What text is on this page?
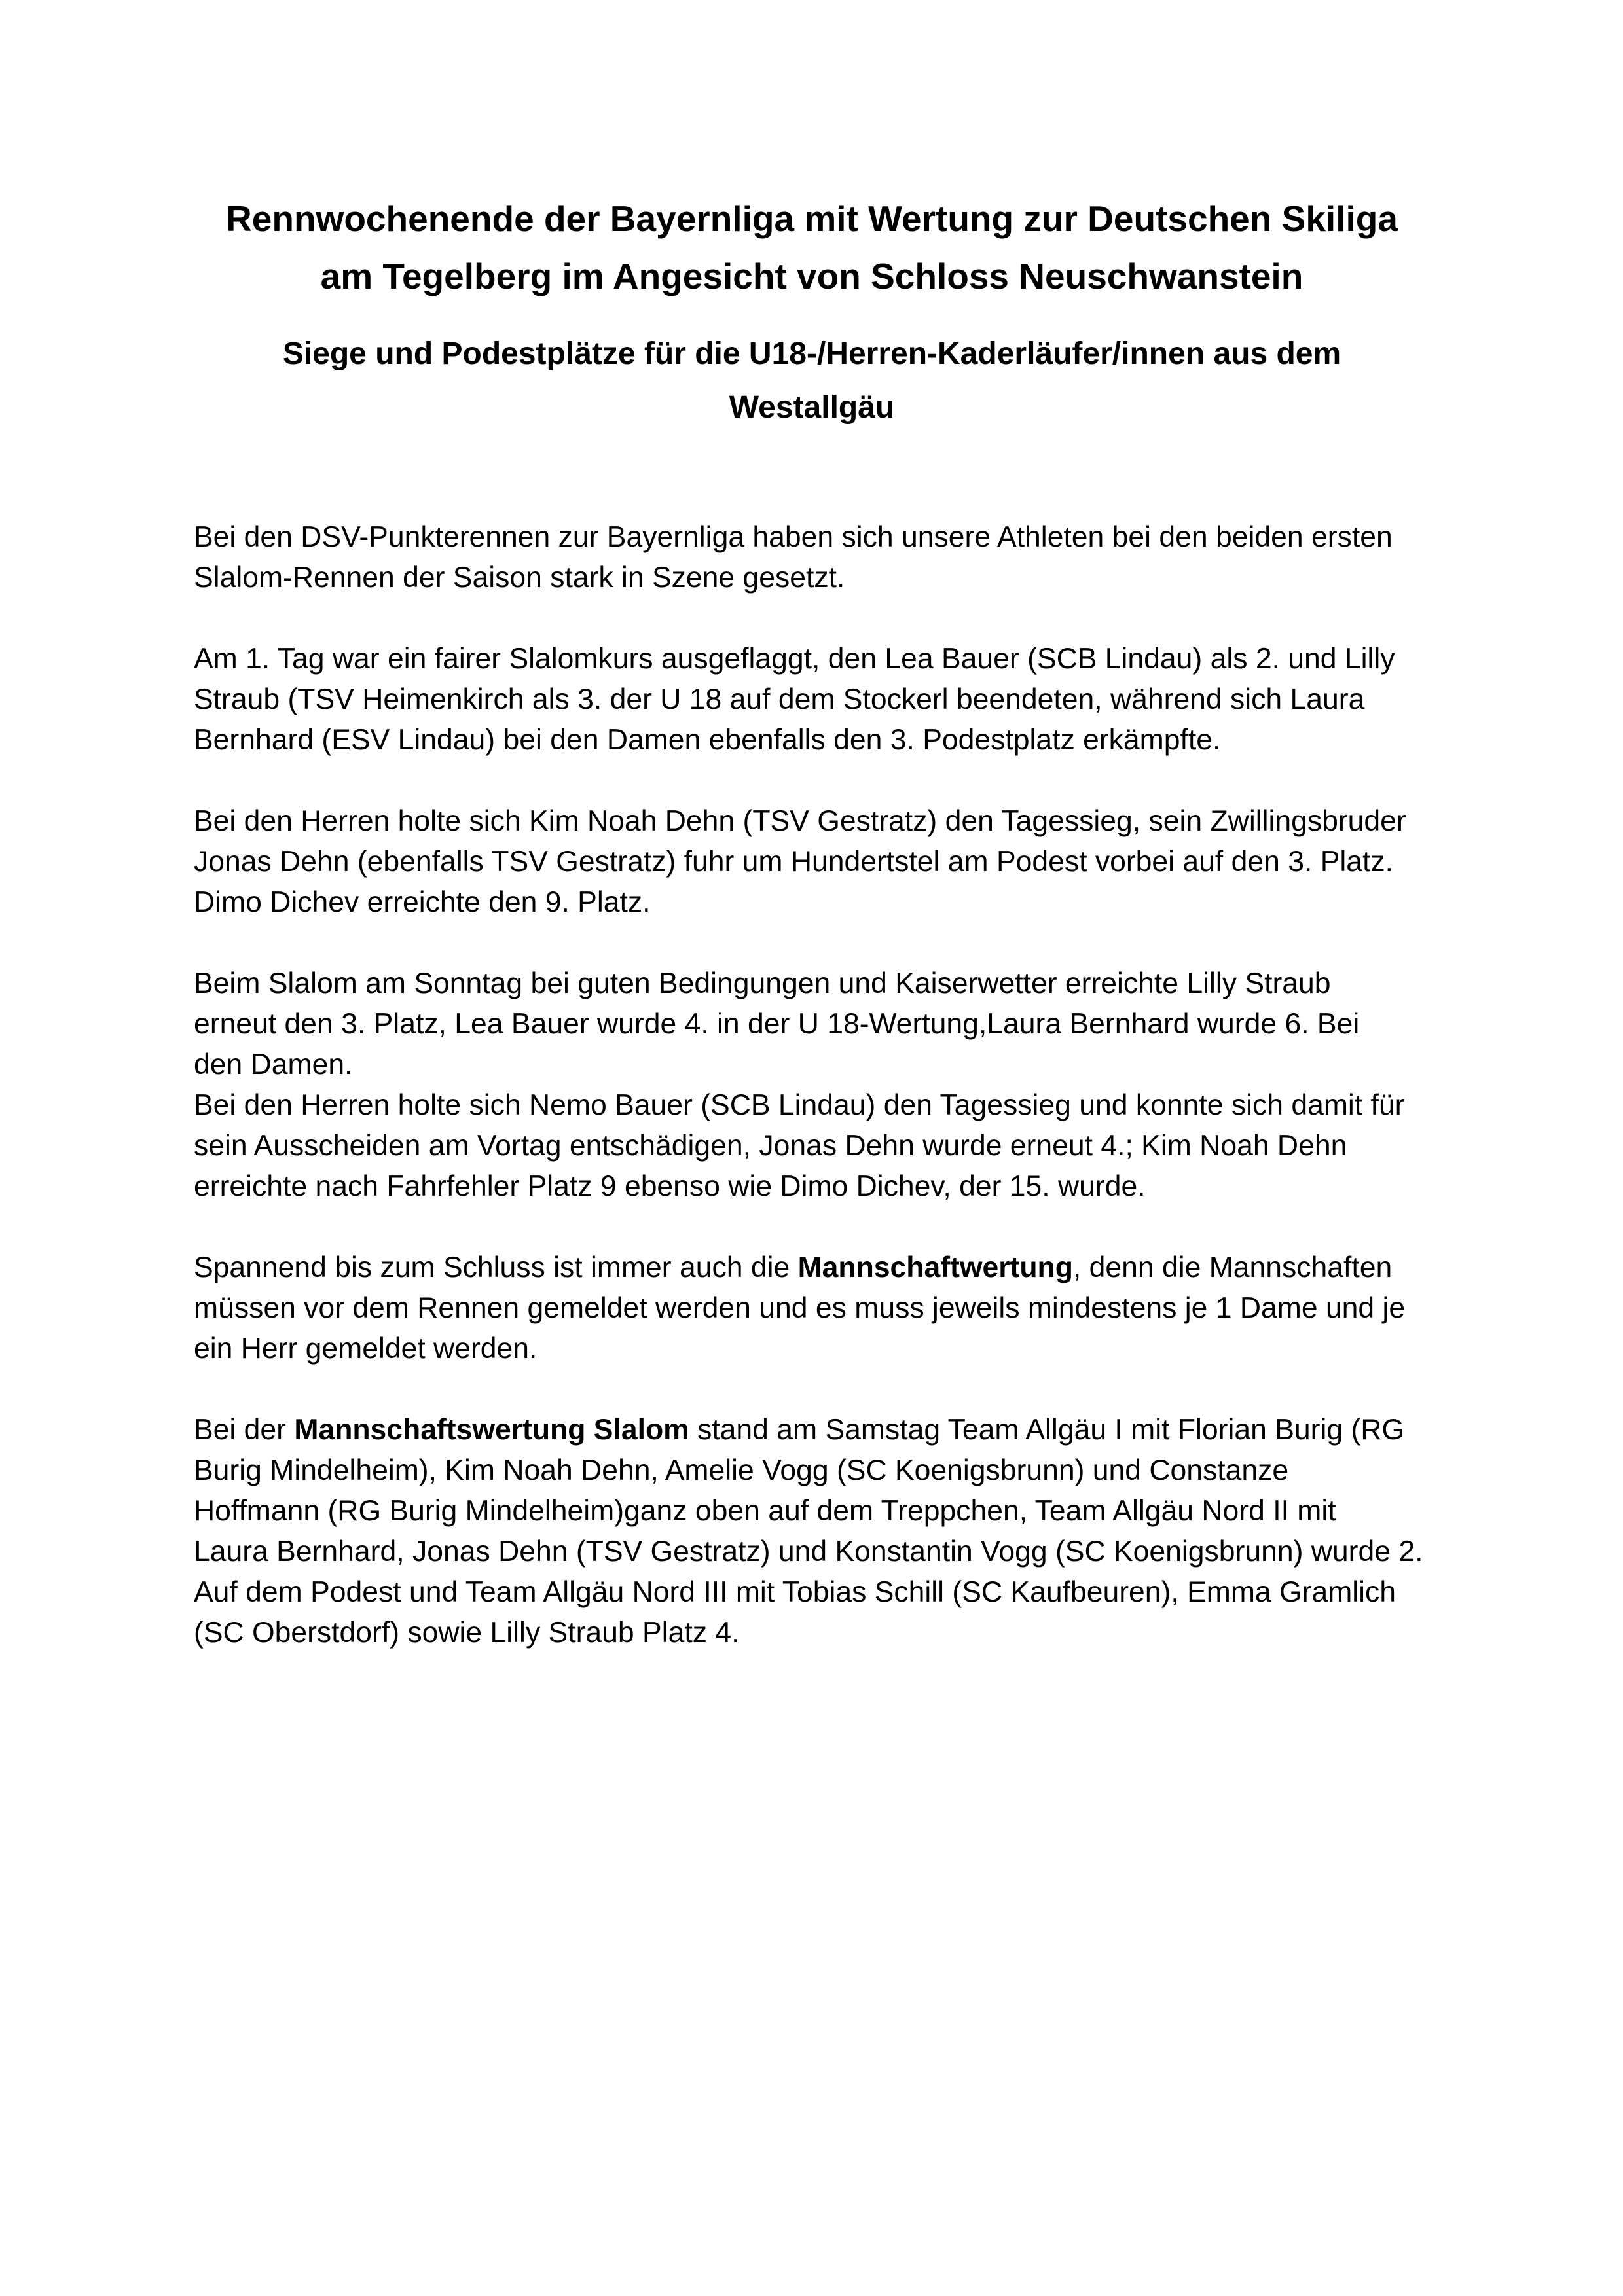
Rennwochenende der Bayernliga mit Wertung zur Deutschen Skiliga
am Tegelberg im Angesicht von Schloss Neuschwanstein
Siege und Podestplätze für die U18-/Herren-Kaderläufer/innen aus dem
Westallgäu

Bei den DSV-Punkterennen zur Bayernliga haben sich unsere Athleten bei den beiden ersten
Slalom-Rennen der Saison stark in Szene gesetzt.

Am 1. Tag war ein fairer Slalomkurs ausgeflaggt, den Lea Bauer (SCB Lindau) als 2. und Lilly
Straub (TSV Heimenkirch als 3. der U 18 auf dem Stockerl beendeten, während sich Laura
Bernhard (ESV Lindau) bei den Damen ebenfalls den 3. Podestplatz erkämpfte.

Bei den Herren holte sich Kim Noah Dehn (TSV Gestratz) den Tagessieg, sein Zwillingsbruder
Jonas Dehn (ebenfalls TSV Gestratz) fuhr um Hundertstel am Podest vorbei auf den 3. Platz.
Dimo Dichev erreichte den 9. Platz.

Beim Slalom am Sonntag bei guten Bedingungen und Kaiserwetter erreichte Lilly Straub
erneut den 3. Platz, Lea Bauer wurde 4. in der U 18-Wertung,Laura Bernhard wurde 6. Bei
den Damen.

Bei den Herren holte sich Nemo Bauer (SCB Lindau) den Tagessieg und konnte sich damit für
sein Ausscheiden am Vortag entschädigen, Jonas Dehn wurde erneut 4.; Kim Noah Dehn
erreichte nach Fahrfehler Platz 9 ebenso wie Dimo Dichev, der 15. wurde.

Spannend bis zum Schluss ist immer auch die Mannschaftwertung, denn die Mannschaften
müssen vor dem Rennen gemeldet werden und es muss jeweils mindestens je 1 Dame und je
ein Herr gemeldet werden.

Bei der Mannschaftswertung Slalom stand am Samstag Team Allgäu I mit Florian Burig (RG
Burig Mindelheim), Kim Noah Dehn, Amelie Vogg (SC Koenigsbrunn) und Constanze
Hoffmann (RG Burig Mindelheim)ganz oben auf dem Treppchen, Team Allgäu Nord II mit
Laura Bernhard, Jonas Dehn (TSV Gestratz) und Konstantin Vogg (SC Koenigsbrunn) wurde 2.
Auf dem Podest und Team Allgäu Nord III mit Tobias Schill (SC Kaufbeuren), Emma Gramlich
(SC Oberstdorf) sowie Lilly Straub Platz 4.
